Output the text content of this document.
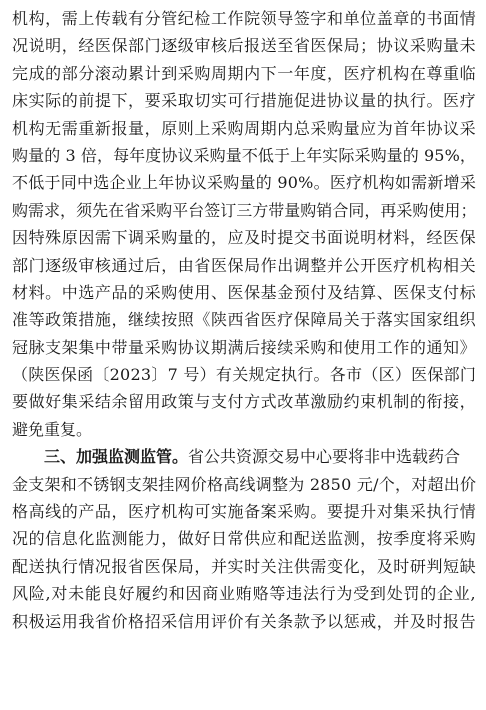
机 构 ， 需 上 传 载 有 分 管 纪 检 工 作 院 领 导 签 字 和 单 位 盖 章 的 书 面 情
况 说 明 ， 经 医 保 部 门 逐 级 审 核 后 报 送 至 省 医 保 局 ； 协 议 采 购 量 未
完 成 的 部 分 滚 动 累 计 到 采 购 周 期 内 下 一 年 度 ， 医 疗 机 构 在 尊 重 临
床 实 际 的 前 提 下 ， 要 采 取 切 实 可 行 措 施 促 进 协 议 量 的 执 行 。 医 疗
机 构 无 需 重 新 报 量 ， 原 则 上 采 购 周 期 内 总 采 购 量 应 为 首 年 协 议 采
购 量 的
3
倍 ， 每 年 度 协 议 采 购 量 不 低 于 上 年 实 际 采 购 量 的
9 5 % ，
不 低 于 同 中 选 企 业 上 年 协 议 采 购 量 的
9 0 % 。 医 疗 机 构 如 需 新 增 采
购 需 求 ， 须 先 在 省 采 购 平 台 签 订 三 方 带 量 购 销 合 同 ， 再 采 购 使 用 ；
因 特 殊 原 因 需 下 调 采 购 量 的 ， 应 及 时 提 交 书 面 说 明 材 料 ， 经 医 保
部 门 逐 级 审 核 通 过 后 ， 由 省 医 保 局 作 出 调 整 并 公 开 医 疗 机 构 相 关
材 料 。 中 选 产 品 的 采 购 使 用 、 医 保 基 金 预 付 及 结 算 、 医 保 支 付 标
准 等 政 策 措 施 ， 继 续 按 照 《 陕 西 省 医 疗 保 障 局 关 于 落 实 国 家 组 织
冠 脉 支 架 集 中 带 量 采 购 协 议 期 满 后 接 续 采 购 和 使 用 工 作 的 通 知 》
（ 陕 医 保 函 〔 2 0 2 3 〕 7
号 ） 有 关 规 定 执 行 。 各 市 （ 区 ） 医 保 部 门
要 做 好 集 采 结 余 留 用 政 策 与 支 付 方 式 改 革 激 励 约 束 机 制 的 衔 接 ，
避免重复。
三、加强监测监管。 省公共资源交易中心要将非中选载药合
金 支 架 和 不 锈 钢 支 架 挂 网 价 格 高 线 调 整 为
2 8 5 0
元 / 个 ， 对 超 出 价
格 高 线 的 产 品 ， 医 疗 机 构 可 实 施 备 案 采 购 。 要 提 升 对 集 采 执 行 情
况 的 信 息 化 监 测 能 力 ， 做 好 日 常 供 应 和 配 送 监 测 ， 按 季 度 将 采 购
配 送 执 行 情 况 报 省 医 保 局 ， 并 实 时 关 注 供 需 变 化 ， 及 时 研 判 短 缺
风 险 , 对 未 能 良 好 履 约 和 因 商 业 贿 赂 等 违 法 行 为 受 到 处 罚 的 企 业 ,
积 极 运 用 我 省 价 格 招 采 信 用 评 价 有 关 条 款 予 以 惩 戒 ， 并 及 时 报 告
